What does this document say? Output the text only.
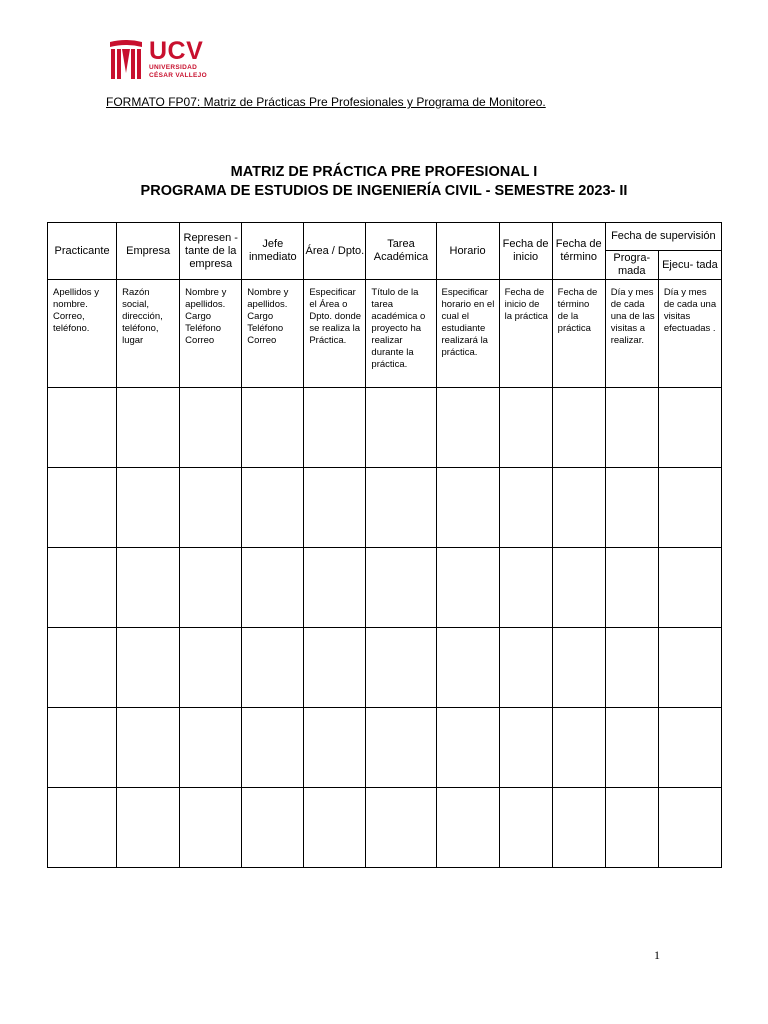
UCV
UNIVERSIDAD
CÉSAR VALLEJO
FORMATO FP07: Matriz de Prácticas Pre Profesionales y Programa de Monitoreo.
MATRIZ DE PRÁCTICA PRE PROFESIONAL I
PROGRAMA DE ESTUDIOS DE INGENIERÍA CIVIL - SEMESTRE 2023- II
Practicante	Empresa	Represen -tante de la empresa	Jefe inmediato	Área / Dpto.	Tarea Académica	Horario	Fecha de inicio	Fecha de término	Fecha de supervisión	
									Progra- mada	Ejecu- tada
Apellidos y nombre. Correo, teléfono.	Razón social, dirección, teléfono, lugar	Nombre y apellidos. Cargo Teléfono Correo	Nombre y apellidos. Cargo Teléfono Correo	Especificar el Área o Dpto. donde se realiza la Práctica.	Título de la tarea académica o proyecto ha realizar durante la práctica.	Especificar horario en el cual el estudiante realizará la práctica.	Fecha de inicio de la práctica	Fecha de término de la práctica	Día y mes de cada una de las visitas a realizar.	Día y mes de cada una visitas efectuadas .

1
